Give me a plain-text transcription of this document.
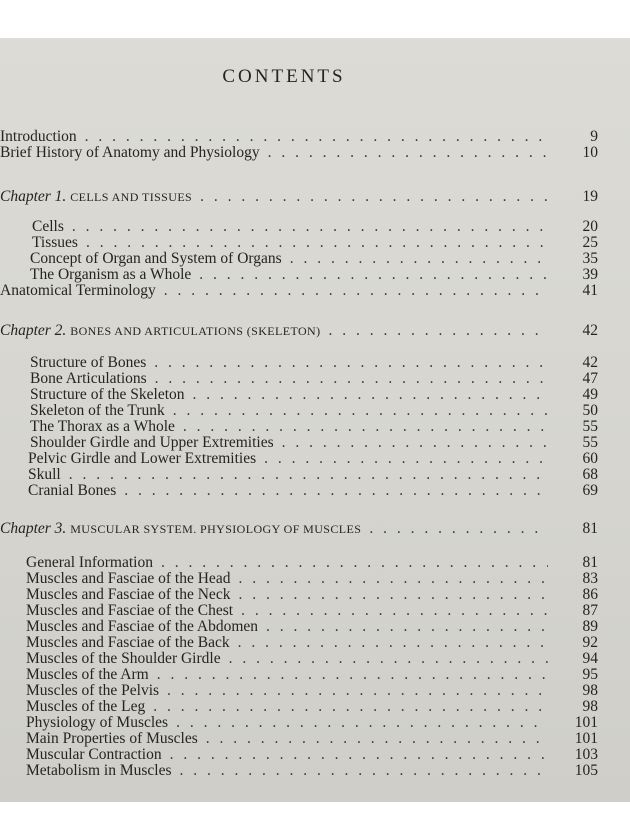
CONTENTS
Introduction	9
. . .
Brief History of Anatomy and Physiology	10
. . .
Chapter 1. CELLS AND TISSUES	19
. . .
Cells	20
. . .
Tissues	25
. . .
Concept of Organ and System of Organs	35
. . .
The Organism as a Whole	39
. . .
Anatomical Terminology	41
. . .
Chapter 2. BONES AND ARTICULATIONS (SKELETON)	42
. . .
Structure of Bones	42
. . .
Bone Articulations	47
. . .
Structure of the Skeleton	49
. . .
Skeleton of the Trunk	50
. . .
The Thorax as a Whole	55
. . .
Shoulder Girdle and Upper Extremities	55
. . .
Pelvic Girdle and Lower Extremities	60
. . .
Skull	68
. . .
Cranial Bones	69
. . .
Chapter 3. MUSCULAR SYSTEM. PHYSIOLOGY OF MUSCLES	81
. . .
General Information	81
. . .
Muscles and Fasciae of the Head	83
. . .
Muscles and Fasciae of the Neck	86
. . .
Muscles and Fasciae of the Chest	87
. . .
Muscles and Fasciae of the Abdomen	89
. . .
Muscles and Fasciae of the Back	92
. . .
Muscles of the Shoulder Girdle	94
. . .
Muscles of the Arm	95
. . .
Muscles of the Pelvis	98
. . .
Muscles of the Leg	98
. . .
Physiology of Muscles	101
. . .
Main Properties of Muscles	101
. . .
Muscular Contraction	103
. . .
Metabolism in Muscles	105
. . .
